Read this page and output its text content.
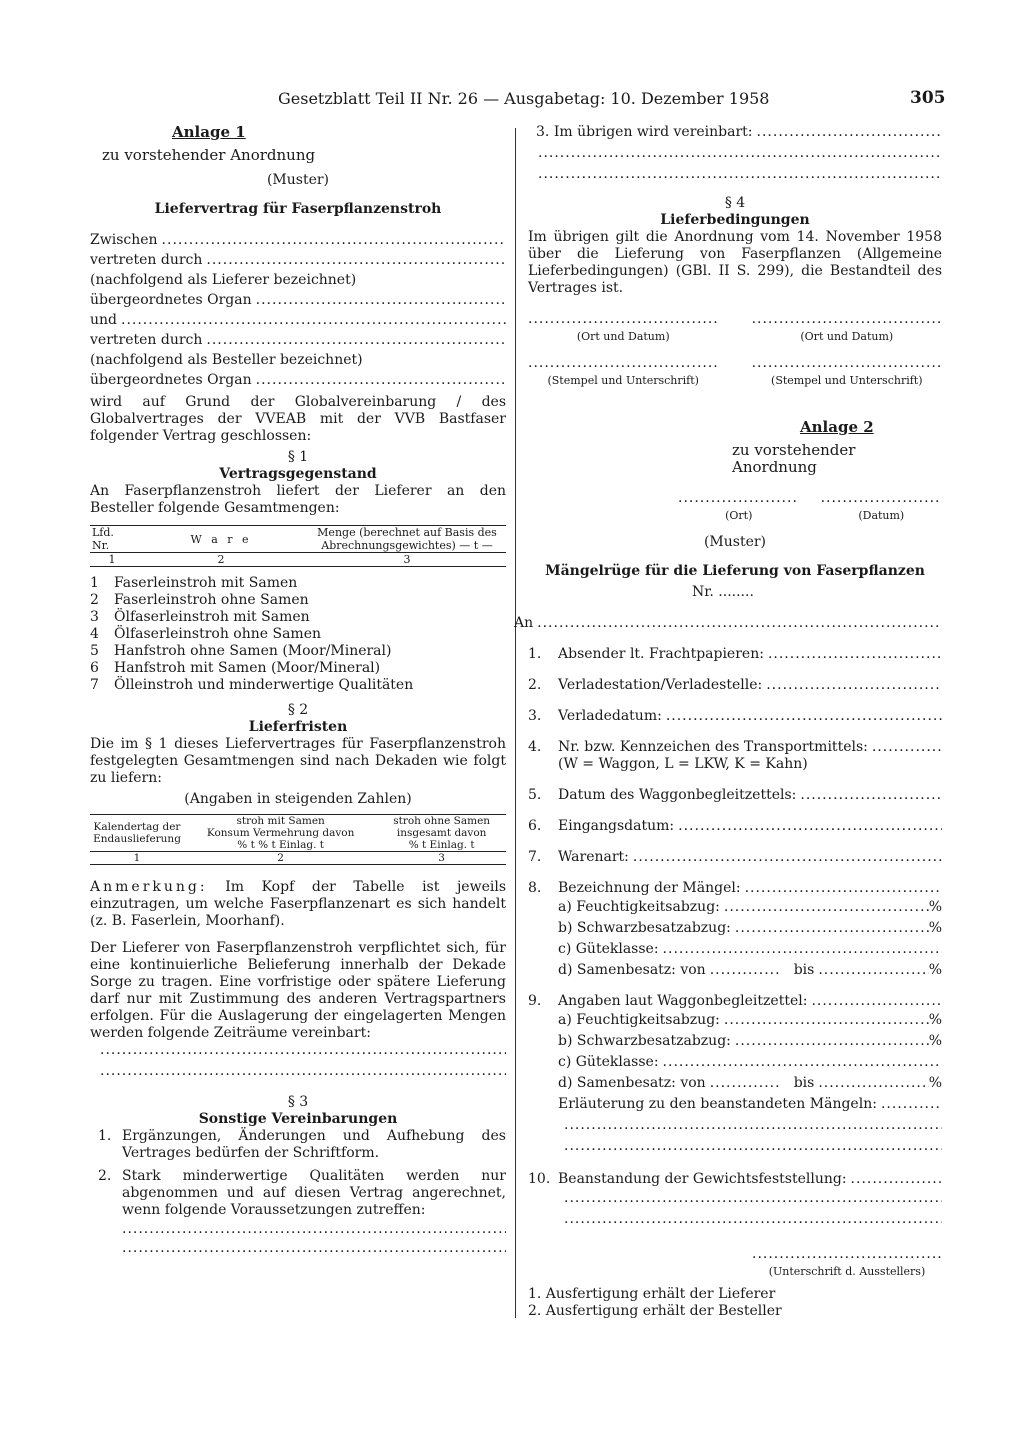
Gesetzblatt Teil II Nr. 26 — Ausgabetag: 10. Dezember 1958	305
Anlage 1
zu vorstehender Anordnung
(Muster)
Liefervertrag für Faserpflanzenstroh
Zwischen
.....
vertreten durch
.....
(nachfolgend als Lieferer bezeichnet)
übergeordnetes Organ
.....
und
.....
vertreten durch
.....
(nachfolgend als Besteller bezeichnet)
übergeordnetes Organ
.....
wird auf Grund der Globalvereinbarung / des Globalvertrages der VVEAB mit der VVB Bastfaser folgender Vertrag geschlossen:
§ 1
Vertragsgegenstand
An Faserpflanzenstroh liefert der Lieferer an den Besteller folgende Gesamtmengen:
Lfd. Nr.	W a r e	Menge (berechnet auf Basis des Abrechnungsgewichtes) — t —
1	2	3
1	Faserleinstroh mit Samen
2	Faserleinstroh ohne Samen
3	Ölfaserleinstroh mit Samen
4	Ölfaserleinstroh ohne Samen
5	Hanfstroh ohne Samen (Moor/Mineral)
6	Hanfstroh mit Samen (Moor/Mineral)
7	Ölleinstroh und minderwertige Qualitäten
§ 2
Lieferfristen
Die im § 1 dieses Liefervertrages für Faserpflanzenstroh festgelegten Gesamtmengen sind nach Dekaden wie folgt zu liefern:
(Angaben in steigenden Zahlen)
Kalendertag der Endauslieferung	stroh mit Samen	stroh ohne Samen
	Konsum Vermehrung davon	insgesamt davon
	% t % t Einlag. t	% t Einlag. t
1	2	3
Anmerkung: Im Kopf der Tabelle ist jeweils einzutragen, um welche Faserpflanzenart es sich handelt (z. B. Faserlein, Moorhanf).
Der Lieferer von Faserpflanzenstroh verpflichtet sich, für eine kontinuierliche Belieferung innerhalb der Dekade Sorge zu tragen. Eine vorfristige oder spätere Lieferung darf nur mit Zustimmung des anderen Vertragspartners erfolgen. Für die Auslagerung der eingelagerten Mengen werden folgende Zeiträume vereinbart:
.....
.....
§ 3
Sonstige Vereinbarungen
1. Ergänzungen, Änderungen und Aufhebung des Vertrages bedürfen der Schriftform.
2. Stark minderwertige Qualitäten werden nur abgenommen und auf diesen Vertrag angerechnet, wenn folgende Voraussetzungen zutreffen:
.....
.....
3.
Im übrigen wird vereinbart:
.....
.....
.....
§ 4
Lieferbedingungen
Im übrigen gilt die Anordnung vom 14. November 1958 über die Lieferung von Faserpflanzen (Allgemeine Lieferbedingungen) (GBl. II S. 299), die Bestandteil des Vertrages ist.
.....
(Ort und Datum)
.....	(Ort und Datum)
.....
(Stempel und Unterschrift)
.....	(Stempel und Unterschrift)
Anlage 2
zu vorstehender Anordnung
.....
(Ort)
.....	(Datum)
(Muster)
Mängelrüge für die Lieferung von Faserpflanzen
Nr. ........
An
.....
1.	Absender lt. Frachtpapieren:
.....
2.	Verladestation/Verladestelle:
.....
3.	Verladedatum:
.....
4.	Nr. bzw. Kennzeichen des Transportmittels:
.....
(W = Waggon, L = LKW, K = Kahn)
5.	Datum des Waggonbegleitzettels:
.....
6.	Eingangsdatum:
.....
7.	Warenart:
.....
8.	Bezeichnung der Mängel:
.....
a) Feuchtigkeitsabzug: .....	%
b) Schwarzbesatzabzug: .....	%
c) Güteklasse:
.....
d) Samenbesatz: von .....	bis .....	%
9.	Angaben laut Waggonbegleitzettel:
.....
a) Feuchtigkeitsabzug: .....	%
b) Schwarzbesatzabzug: .....	%
c) Güteklasse:
.....
d) Samenbesatz: von .....	bis .....	%
Erläuterung zu den beanstandeten Mängeln:
.....
.....
.....
10. Beanstandung der Gewichtsfeststellung:
.....
.....
.....
.....
(Unterschrift d. Ausstellers)
1. Ausfertigung erhält der Lieferer
2. Ausfertigung erhält der Besteller
